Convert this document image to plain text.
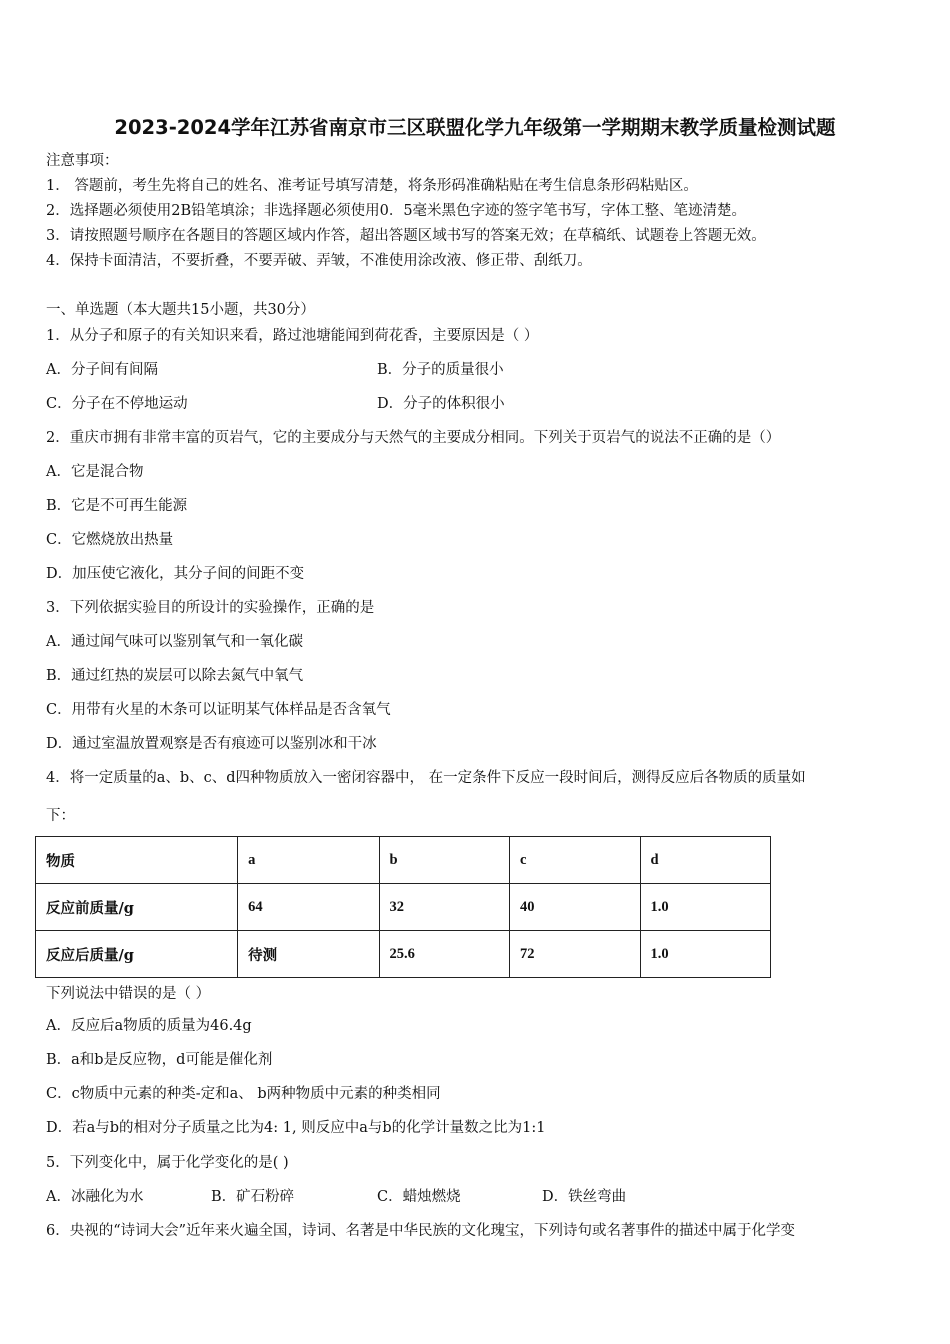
2023-2024学年江苏省南京市三区联盟化学九年级第一学期期末教学质量检测试题
注意事项：
1． 答题前，考生先将自己的姓名、准考证号填写清楚，将条形码准确粘贴在考生信息条形码粘贴区。
2．选择题必须使用2B铅笔填涂；非选择题必须使用0．5毫米黑色字迹的签字笔书写，字体工整、笔迹清楚。
3．请按照题号顺序在各题目的答题区域内作答，超出答题区域书写的答案无效；在草稿纸、试题卷上答题无效。
4．保持卡面清洁，不要折叠，不要弄破、弄皱，不准使用涂改液、修正带、刮纸刀。
一、单选题（本大题共15小题，共30分）
1．从分子和原子的有关知识来看，路过池塘能闻到荷花香，主要原因是（ ）
A．分子间有间隔	B．分子的质量很小
C．分子在不停地运动	D．分子的体积很小
2．重庆市拥有非常丰富的页岩气，它的主要成分与天然气的主要成分相同。下列关于页岩气的说法不正确的是（）
A．它是混合物
B．它是不可再生能源
C．它燃烧放出热量
D．加压使它液化，其分子间的间距不变
3．下列依据实验目的所设计的实验操作，正确的是
A．通过闻气味可以鉴别氧气和一氧化碳
B．通过红热的炭层可以除去氮气中氧气
C．用带有火星的木条可以证明某气体样品是否含氧气
D．通过室温放置观察是否有痕迹可以鉴别冰和干冰
4．将一定质量的a、b、c、d四种物质放入一密闭容器中， 在一定条件下反应一段时间后，测得反应后各物质的质量如
下：
物质	a	b	c	d
反应前质量/g	64	32	40	1.0
反应后质量/g	待测	25.6	72	1.0
下列说法中错误的是（ ）
A．反应后a物质的质量为46.4g
B．a和b是反应物，d可能是催化剂
C．c物质中元素的种类-定和a、 b两种物质中元素的种类相同
D．若a与b的相对分子质量之比为4: 1, 则反应中a与b的化学计量数之比为1:1
5．下列变化中，属于化学变化的是( )
A．冰融化为水	B．矿石粉碎	C．蜡烛燃烧	D．铁丝弯曲
6．央视的“诗词大会”近年来火遍全国，诗词、名著是中华民族的文化瑰宝，下列诗句或名著事件的描述中属于化学变
